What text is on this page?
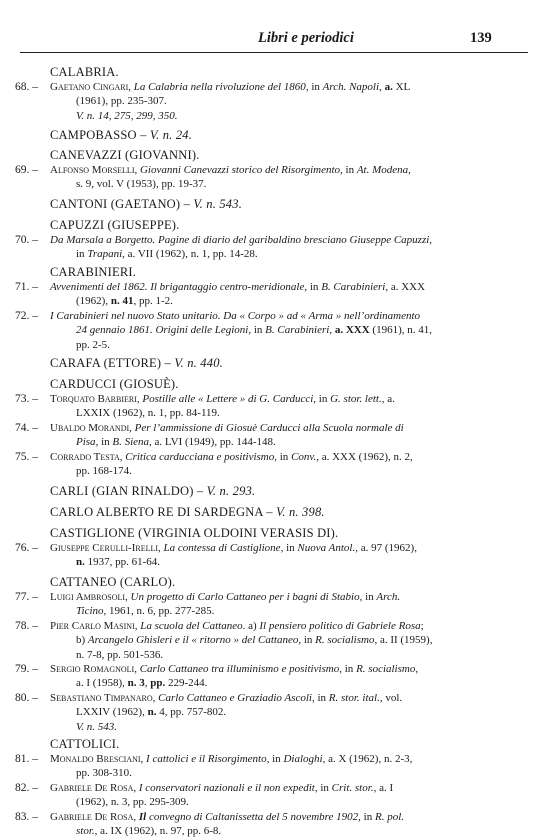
Libri e periodici	139
CALABRIA.
68. – Gaetano Cingari, La Calabria nella rivoluzione del 1860, in Arch. Napoli, a. XL
(1961), pp. 235-307.
V. n. 14, 275, 299, 350.
CAMPOBASSO – V. n. 24.
CANEVAZZI (GIOVANNI).
69. – Alfonso Morselli, Giovanni Canevazzi storico del Risorgimento, in At. Modena,
s. 9, vol. V (1953), pp. 19-37.
CANTONI (GAETANO) – V. n. 543.
CAPUZZI (GIUSEPPE).
70. – Da Marsala a Borgetto. Pagine di diario del garibaldino bresciano Giuseppe Capuzzi,
in Trapani, a. VII (1962), n. 1, pp. 14-28.
CARABINIERI.
71. – Avvenimenti del 1862. Il brigantaggio centro-meridionale, in B. Carabinieri, a. XXX
(1962), n. 41, pp. 1-2.
72. – I Carabinieri nel nuovo Stato unitario. Da « Corpo » ad « Arma » nell’ordinamento
24 gennaio 1861. Origini delle Legioni, in B. Carabinieri, a. XXX (1961), n. 41,
pp. 2-5.
CARAFA (ETTORE) – V. n. 440.
CARDUCCI (GIOSUÈ).
73. – Torquato Barbieri, Postille alle « Lettere » di G. Carducci, in G. stor. lett., a.
LXXIX (1962), n. 1, pp. 84-119.
74. – Ubaldo Morandi, Per l’ammissione di Giosuè Carducci alla Scuola normale di
Pisa, in B. Siena, a. LVI (1949), pp. 144-148.
75. – Corrado Testa, Critica carducciana e positivismo, in Conv., a. XXX (1962), n. 2,
pp. 168-174.
CARLI (GIAN RINALDO) – V. n. 293.
CARLO ALBERTO RE DI SARDEGNA – V. n. 398.
CASTIGLIONE (VIRGINIA OLDOINI VERASIS DI).
76. – Giuseppe Cerulli-Irelli, La contessa di Castiglione, in Nuova Antol., a. 97 (1962),
n. 1937, pp. 61-64.
CATTANEO (CARLO).
77. – Luigi Ambrosoli, Un progetto di Carlo Cattaneo per i bagni di Stabio, in Arch.
Ticino, 1961, n. 6, pp. 277-285.
78. – Pier Carlo Masini, La scuola del Cattaneo. a) Il pensiero politico di Gabriele Rosa;
b) Arcangelo Ghisleri e il « ritorno » del Cattaneo, in R. socialismo, a. II (1959),
n. 7-8, pp. 501-536.
79. – Sergio Romagnoli, Carlo Cattaneo tra illuminismo e positivismo, in R. socialismo,
a. I (1958), n. 3, pp. 229-244.
80. – Sebastiano Timpanaro, Carlo Cattaneo e Graziadio Ascoli, in R. stor. ital., vol.
LXXIV (1962), n. 4, pp. 757-802.
V. n. 543.
CATTOLICI.
81. – Monaldo Bresciani, I cattolici e il Risorgimento, in Dialoghi, a. X (1962), n. 2-3,
pp. 308-310.
82. – Gabriele De Rosa, I conservatori nazionali e il non expedit, in Crit. stor., a. I
(1962), n. 3, pp. 295-309.
83. – Gabriele De Rosa, Il convegno di Caltanissetta del 5 novembre 1902, in R. pol.
stor., a. IX (1962), n. 97, pp. 6-8.
